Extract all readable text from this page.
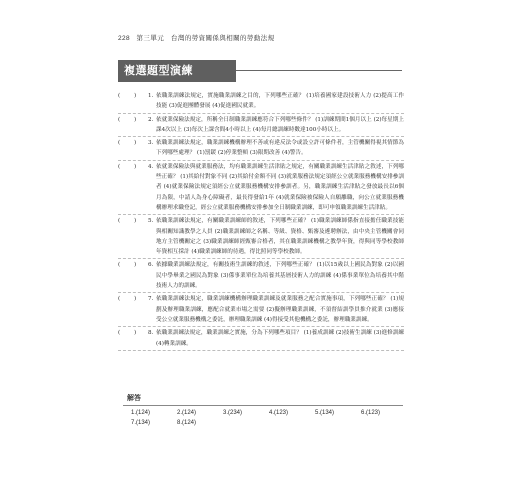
228 第三單元　台灣的勞資關係與相關的勞動法規
複選題型演練
(	)	1. 依職業訓練法規定，實施職業訓練之目的，下列哪些正確？ (1)培養國家建設技術人力 (2)提高工作技能 (3)促進團體發展 (4)促進國民就業。
(	)	2. 依就業保險法規定，所稱全日制職業訓練應符合下列哪些條件？ (1)訓練期間1個月以上 (2)每星期上課4次以上 (3)每次上課含間4小時以上 (4)每月總訓練時數達100小時以上。
(	)	3. 依職業訓練法規定，職業訓練機構辦理不善或有違反法令或設立許可條件者，主管機關得視其情節為下列哪些處理？ (1)罰鍰 (2)停業整頓 (3)限期改善 (4)警告。
(	)	4. 依就業保險法與就業服務法，均有職業訓練生活津貼之規定，有關職業訓練生活津貼之敘述，下列哪些正確？ (1)其給付對象不同 (2)其給付金額不同 (3)就業服務法規定須經公立就業服務機構安排參訓者 (4)就業保險法規定須經公立就業服務機構安排參訓者。另，職業訓練生活津貼之發放最長以6個月為限，中請人為身心障礙者，最長得發給1年 (4)就業保險被保險人自願離職，向公立就業服務機構辦理求職登記，經公立就業服務機構安排參加全日制職業訓練，即可申領職業訓練生活津貼。
(	)	5. 依職業訓練法規定，有關職業訓練師的敘述，下列哪些正確？ (1)職業訓練師係指直接擔任職業技能與相關知識教學之人員 (2)職業訓練師之名稱、等級、資格、甄審及遴聘辦法，由中央主管機關會同地方主管機關定之 (3)職業訓練師經甄審合格者，其在職業訓練機構之教學年資，得與同等學校教師年資相互採計 (4)職業訓練師的待遇，得比照同等學校教師。
(	)	6. 依據職業訓練法規定，有關技術生訓練的敘述，下列哪些正確？ (1)以15歲以上國民為對象 (2)以國民中學畢業之國民為對象 (3)係事業單位為培養其基層技術人力的訓練 (4)係事業單位為培養其中階技術人力的訓練。
(	)	7. 依職業訓練法規定，職業訓練機構辦理職業訓練及就業服務之配合實施事項，下列哪些正確？ (1)規劃及辦理職業訓練，應配合就業市場之需要 (2)擬辦理職業訓練，不須督結訓學員推介就業 (3)應接受公立就業服務機構之委託，辦理職業訓練 (4)得接受其他機構之委託，辦理職業訓練。
(	)	8. 依職業訓練法規定，職業訓練之實施，分為下列哪些項目？ (1)養成訓練 (2)技術生訓練 (3)進修訓練 (4)轉業訓練。
解答
1.(124)	2.(124)	3.(234)	4.(123)	5.(134)	6.(123)
7.(134)	8.(124)
